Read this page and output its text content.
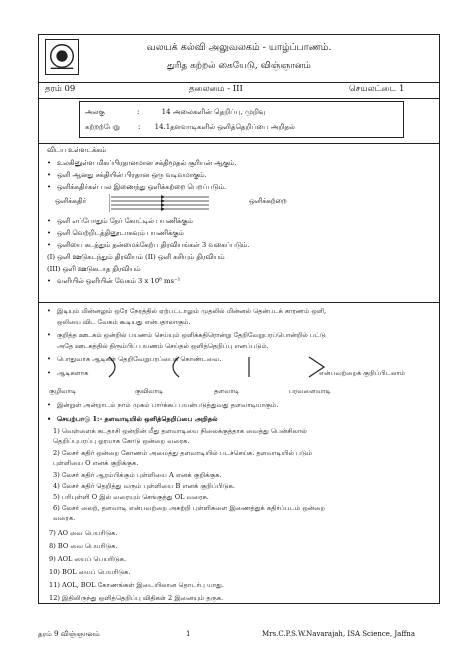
வலயக் கல்வி அலுவலகம் - யாழ்ப்பாணம்.
துரித கற்றல் கையேடு, விஞ்ஞானம்
தரம் 09	தலைமை - III	செயலட்டை 1
அலகு	:	14 அலைகளின் தெறிப்பு, முறிவு
கற்றற்பேறு	: 14.1தளவாடிகளில் ஒளித்தெறிப்பை அறிதல்
விடய உள்ளடக்கம்
• உலகினுள்ள மிகப்பிரதானமான சக்திமூதல் சூரியன் ஆகும்.
• ஒளி ஆனது சக்தியின் பிரதான ஒரு வடிவமாகும்.
• ஒளிக்கதிர்கள் பல இணைந்து ஒளிக்கற்றை பெறப்படும்.
ஒளிக்கதிர்	ஒளிக்கற்றை
• ஒளி எப்போதும் நேர் கோட்டில் பயணிக்கும்
• ஒளி வெற்றிடத்தினூடாகவும் பயணிக்கும்
• ஒளியை கடத்தும் தன்மைக்கேற்ப திரவியங்கள் 3 வகைப்படும்.
(I) ஒளி ஊடுகடந்தும் திரவியம் (II) ஒளி கசியும் திரவியம்
(III) ஒளி ஊடுகடாத திரவியம்
• வளியில் ஒளியின் வேகம் 3 x 10⁸ ms⁻¹
• இடியும் மின்னலும் ஒரே நேரத்தில் ஏற்பட்டாலும் முதலில் மின்னல் தென்படக் காரணம் ஒளி,
ஒலியை விட வேகம் கூடியது என்பதாலாகும்.
• குறித்த ஊடகம் ஒன்றில் பயணம் செய்யும் ஒளிக்கதிரொன்று தேறிவேறுபரப்பொன்றில் பட்டு
அதே ஊடகத்தில் திரும்பிப் பயணம் செய்தல் ஒளித்தெறிப்பு எனப்படும்.
• பொதுவாக ஆடிகள் தெறிவேறுபரப்பைக் கொண்டவை.
• ஆடிகளாக	என்பவற்றைக் குறிப்பிடலாம்
குழிவாடி	குவிவாடி	தளவாடி	பரவளைவாடி
• இன்றுள் அன்றாடம் நாம் முகம் பார்க்கப் பயன்படுத்துவது தளவாடியாகும்.
• செயற்பாடு 1:- தளவாடியில் ஒளித்தெறிப்பை அறிதல்
1) வெள்ளைக் கடதாசி ஒன்றின் மீது தளவாடியை நிலைக்குத்தாக வைத்து பென்சிலால்
தெறிப்புபரப்பு ஓரமாக கோடு ஒன்றை வரைக.
2) லேசர் கதிர் ஒன்றை கோணம் அமைத்து தளவாடியில் படச்செய்க. தளவாடியில் படும்
புள்ளியை O எனக் குறிக்குக.
3) லேசர் கதிர் ஆரம்பிக்கும் புள்ளியை A எனக் குறிக்குக.
4) லேசர் கதிர் தெறித்து வரும் புள்ளியை B எனக் குறிப்பிடுக.
5) பரிபுள்ளி O இல் வரையும் செங்குத்து OL வரைக.
6) லேசர் லைற், தளவாடி என்பவற்றை அகற்றி புள்ளிகளை இணைத்துக் கதிர்ப்படம் ஒன்றை
வரைக.
7) AO வை பெயரிடுக.
8) BO வை பெயரிடுக.
9) AOL யைப் பெயரிடுக.
10) BOL யைப் பெயரிடுக.
11) AOL, BOL கோணங்கள் இடையிலான தொடர்பு யாது.
12) இதிலிருந்து ஒளித்தெறிப்பு விதிகள் 2 இனையும் தருக.
தரம் 9 விஞ்ஞானம்	1	Mrs.C.P.S.W.Navarajah, ISA Science, Jaffna
